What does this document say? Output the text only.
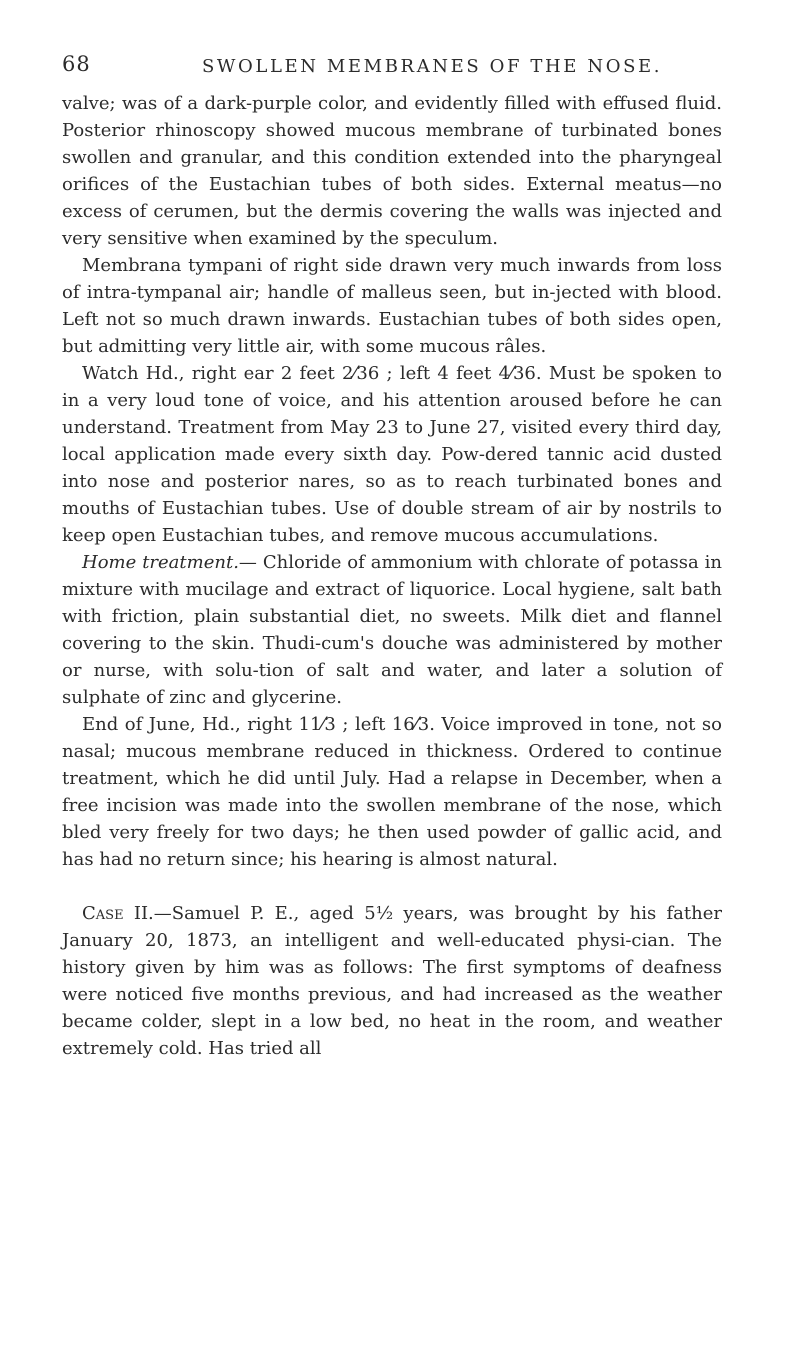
68	SWOLLEN MEMBRANES OF THE NOSE.

valve; was of a dark-purple color, and evidently filled with effused fluid. Posterior rhinoscopy showed mucous membrane of turbinated bones swollen and granular, and this condition extended into the pharyngeal orifices of the Eustachian tubes of both sides. External meatus—no excess of cerumen, but the dermis covering the walls was injected and very sensitive when examined by the speculum.

Membrana tympani of right side drawn very much inwards from loss of intra-tympanal air; handle of malleus seen, but in-jected with blood. Left not so much drawn inwards. Eustachian tubes of both sides open, but admitting very little air, with some mucous râles.

Watch Hd., right ear 2 feet 2⁄36 ; left 4 feet 4⁄36. Must be spoken to in a very loud tone of voice, and his attention aroused before he can understand. Treatment from May 23 to June 27, visited every third day, local application made every sixth day. Pow-dered tannic acid dusted into nose and posterior nares, so as to reach turbinated bones and mouths of Eustachian tubes. Use of double stream of air by nostrils to keep open Eustachian tubes, and remove mucous accumulations.

Home treatment.— Chloride of ammonium with chlorate of potassa in mixture with mucilage and extract of liquorice. Local hygiene, salt bath with friction, plain substantial diet, no sweets. Milk diet and flannel covering to the skin. Thudi-cum's douche was administered by mother or nurse, with solu-tion of salt and water, and later a solution of sulphate of zinc and glycerine.

End of June, Hd., right 11⁄3 ; left 16⁄3. Voice improved in tone, not so nasal; mucous membrane reduced in thickness. Ordered to continue treatment, which he did until July. Had a relapse in December, when a free incision was made into the swollen membrane of the nose, which bled very freely for two days; he then used powder of gallic acid, and has had no return since; his hearing is almost natural.

Case II.—Samuel P. E., aged 5½ years, was brought by his father January 20, 1873, an intelligent and well-educated physi-cian. The history given by him was as follows: The first symptoms of deafness were noticed five months previous, and had increased as the weather became colder, slept in a low bed, no heat in the room, and weather extremely cold. Has tried all
